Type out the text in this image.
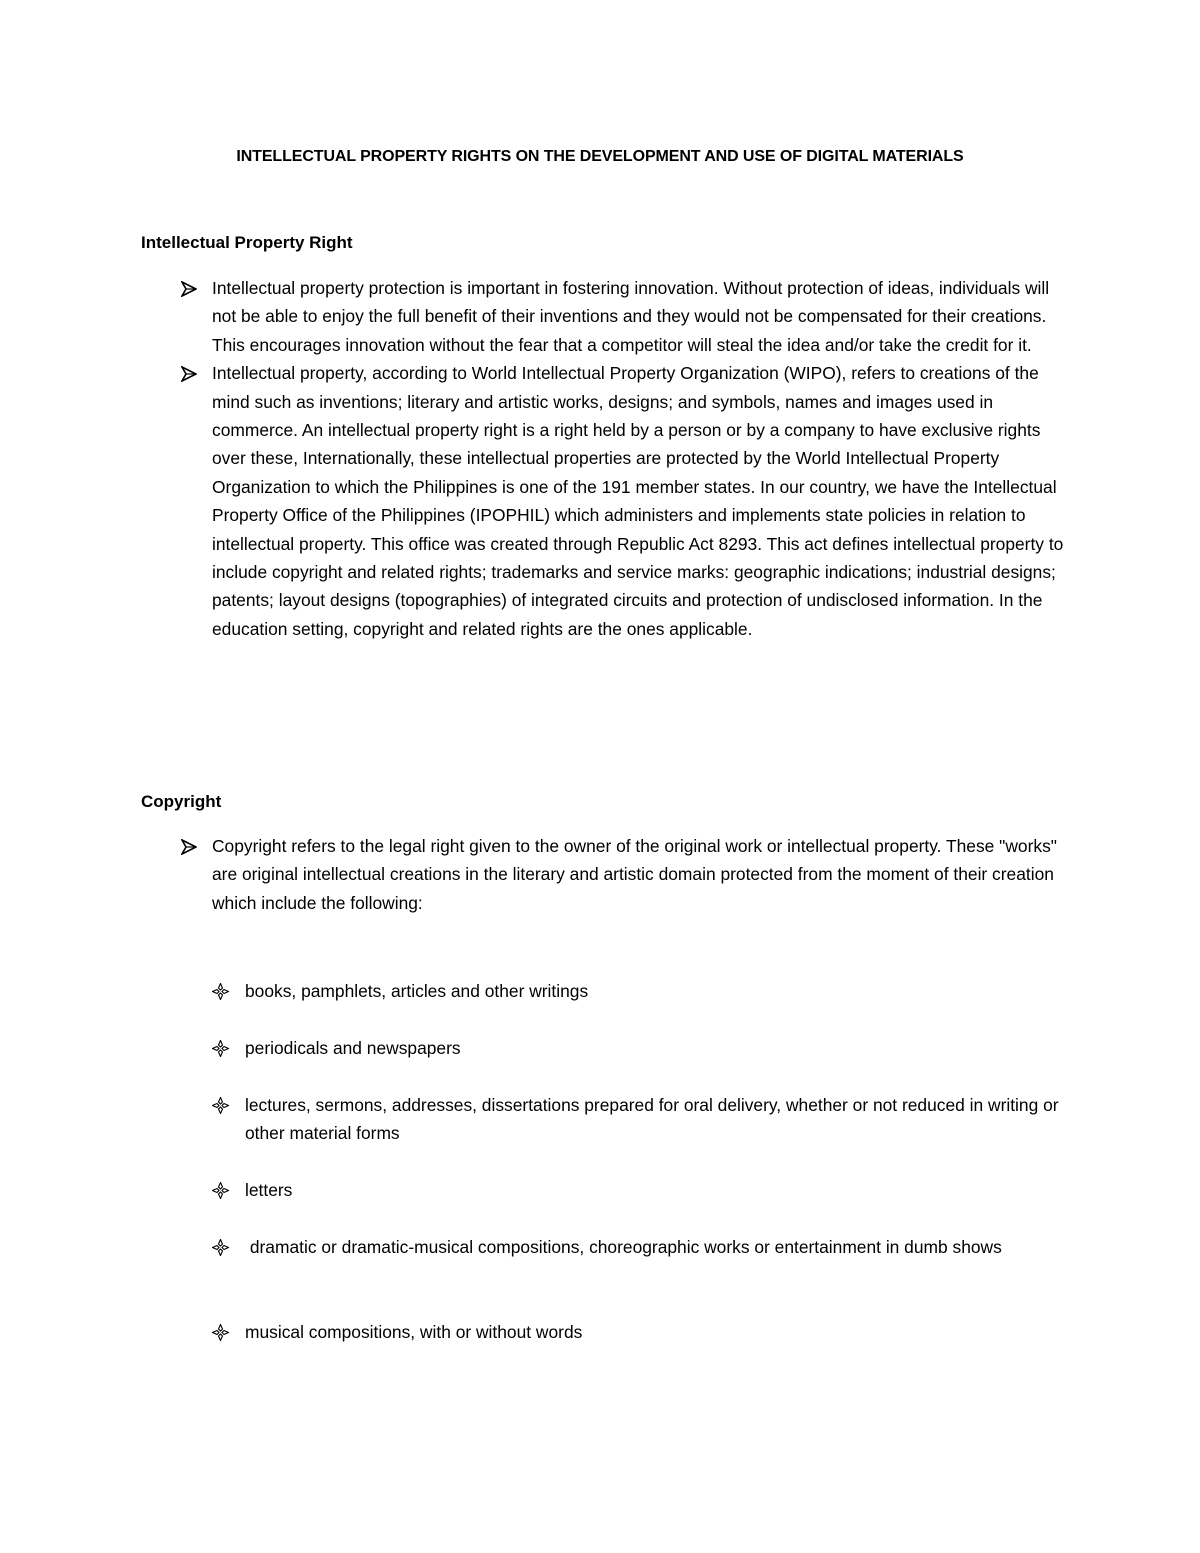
INTELLECTUAL PROPERTY RIGHTS ON THE DEVELOPMENT AND USE OF DIGITAL MATERIALS
Intellectual Property Right
Intellectual property protection is important in fostering innovation. Without protection of ideas, individuals will not be able to enjoy the full benefit of their inventions and they would not be compensated for their creations. This encourages innovation without the fear that a competitor will steal the idea and/or take the credit for it.
Intellectual property, according to World Intellectual Property Organization (WIPO), refers to creations of the mind such as inventions; literary and artistic works, designs; and symbols, names and images used in commerce. An intellectual property right is a right held by a person or by a company to have exclusive rights over these, Internationally, these intellectual properties are protected by the World Intellectual Property Organization to which the Philippines is one of the 191 member states. In our country, we have the Intellectual Property Office of the Philippines (IPOPHIL) which administers and implements state policies in relation to intellectual property. This office was created through Republic Act 8293. This act defines intellectual property to include copyright and related rights; trademarks and service marks: geographic indications; industrial designs; patents; layout designs (topographies) of integrated circuits and protection of undisclosed information. In the education setting, copyright and related rights are the ones applicable.
Copyright
Copyright refers to the legal right given to the owner of the original work or intellectual property. These "works" are original intellectual creations in the literary and artistic domain protected from the moment of their creation which include the following:
books, pamphlets, articles and other writings
periodicals and newspapers
lectures, sermons, addresses, dissertations prepared for oral delivery, whether or not reduced in writing or other material forms
letters
dramatic or dramatic-musical compositions, choreographic works or entertainment in dumb shows
musical compositions, with or without words
